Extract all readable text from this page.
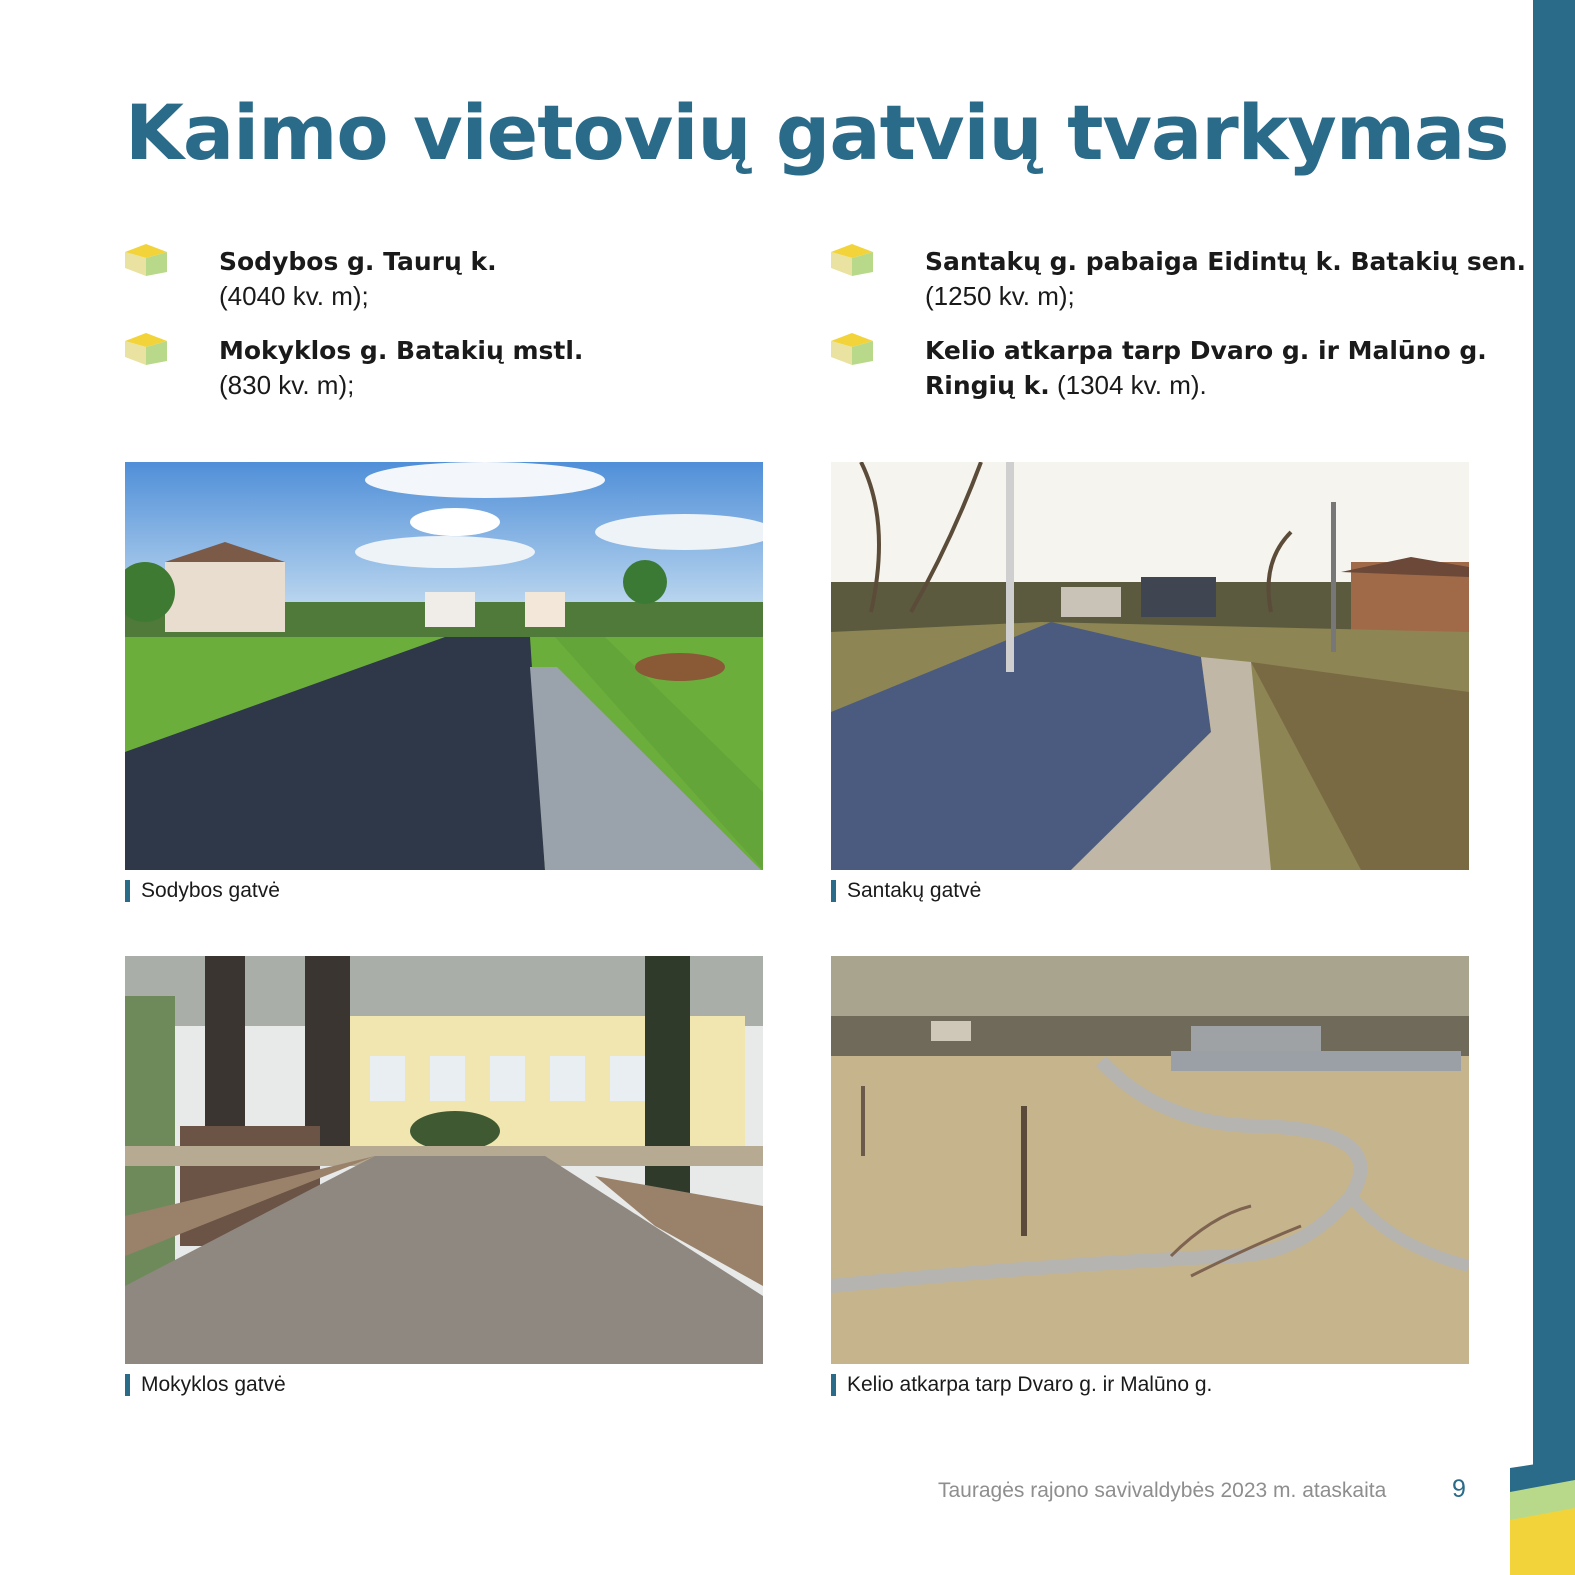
Kaimo vietovių gatvių tvarkymas
Sodybos g. Taurų k.
(4040 kv. m);
Mokyklos g. Batakių mstl.
(830 kv. m);
Santakų g. pabaiga Eidintų k. Batakių sen.
(1250 kv. m);
Kelio atkarpa tarp Dvaro g. ir Malūno g.
Ringių k. (1304 kv. m).
Sodybos gatvė	Santakų gatvė
Mokyklos gatvė	Kelio atkarpa tarp Dvaro g. ir Malūno g.
Tauragės rajono savivaldybės 2023 m. ataskaita	9
